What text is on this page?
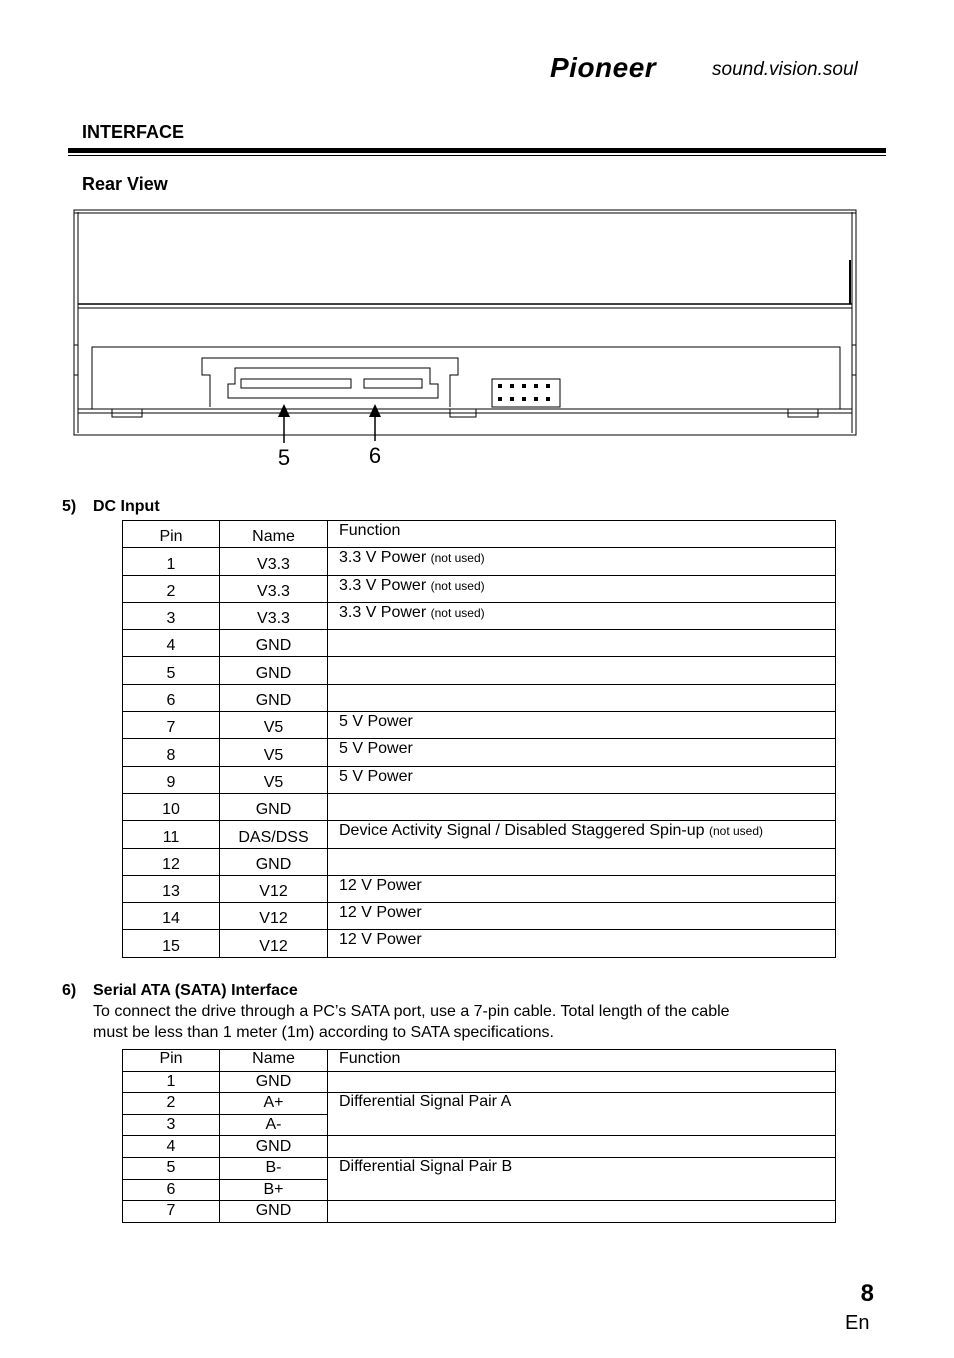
Pioneer	sound.vision.soul
INTERFACE
Rear View
5	6
5) DC Input
Pin	Name	Function
1	V3.3	3.3 V Power (not used)
2	V3.3	3.3 V Power (not used)
3	V3.3	3.3 V Power (not used)
4	GND	
5	GND	
6	GND	
7	V5	5 V Power
8	V5	5 V Power
9	V5	5 V Power
10	GND	
11	DAS/DSS	Device Activity Signal / Disabled Staggered Spin-up (not used)
12	GND	
13	V12	12 V Power
14	V12	12 V Power
15	V12	12 V Power
6) Serial ATA (SATA) Interface
To connect the drive through a PC’s SATA port, use a 7-pin cable. Total length of the cable
must be less than 1 meter (1m) according to SATA specifications.
Pin	Name	Function
1	GND	
2	A+	Differential Signal Pair A
3	A-	
4	GND	
5	B-	Differential Signal Pair B
6	B+	
7	GND	
8
En
